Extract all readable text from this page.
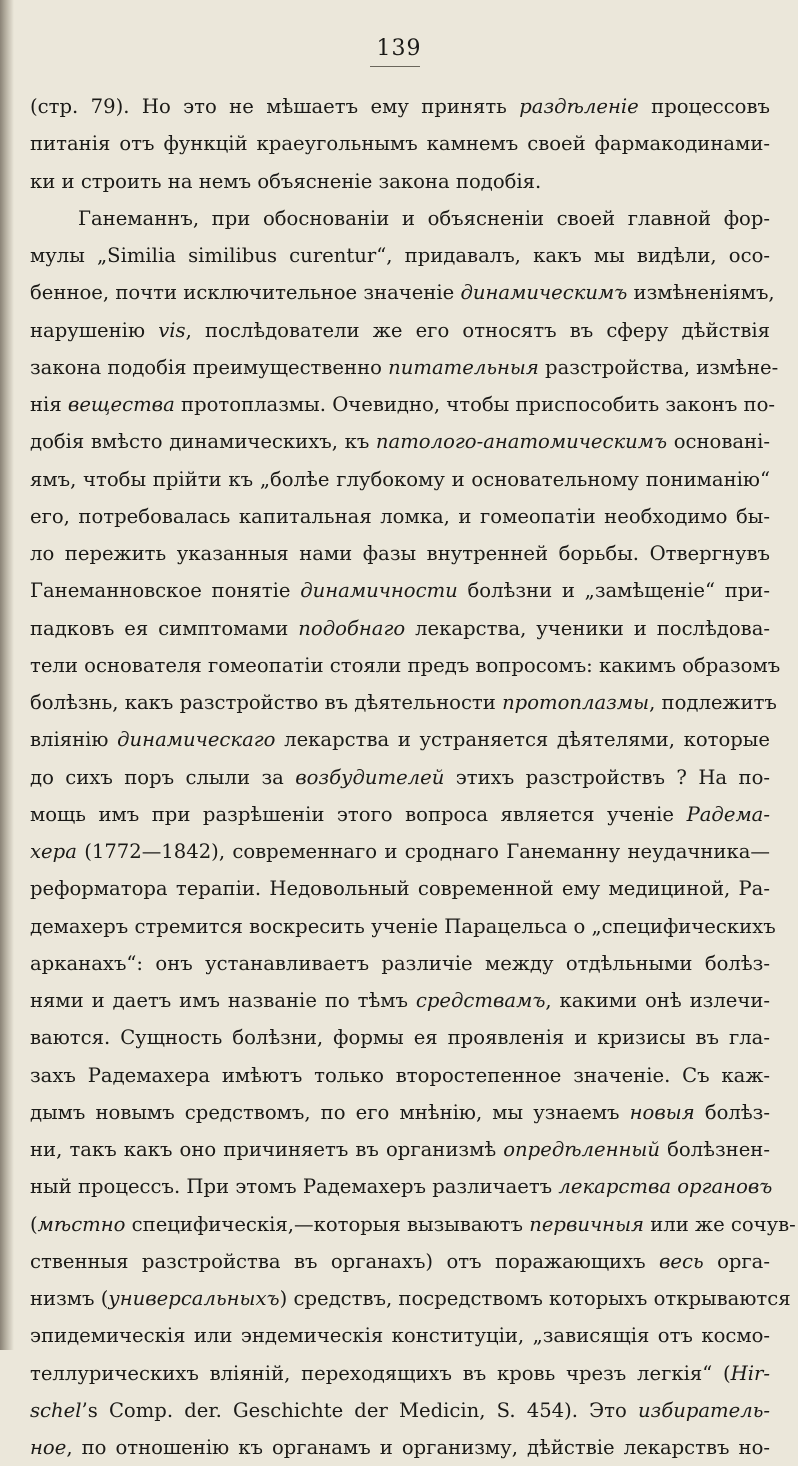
139
(стр. 79). Но это не мѣшаетъ ему принять раздѣленіе процессовъ
питанія отъ функцій краеугольнымъ камнемъ своей фармакодинами-
ки и строить на немъ объясненіе закона подобія.
Ганеманнъ, при обоснованіи и объясненіи своей главной фор-
мулы „Similia similibus curentur“, придавалъ, какъ мы видѣли, осо-
бенное, почти исключительное значеніе динамическимъ измѣненіямъ,
нарушенію vis, послѣдователи же его относятъ въ сферу дѣйствія
закона подобія преимущественно питательныя разстройства, измѣне-
нія вещества протоплазмы. Очевидно, чтобы приспособить законъ по-
добія вмѣсто динамическихъ, къ патолого-анатомическимъ основані-
ямъ, чтобы прійти къ „болѣе глубокому и основательному пониманію“
его, потребовалась капитальная ломка, и гомеопатіи необходимо бы-
ло пережить указанныя нами фазы внутренней борьбы. Отвергнувъ
Ганеманновское понятіе динамичности болѣзни и „замѣщеніе“ при-
падковъ ея симптомами подобнаго лекарства, ученики и послѣдова-
тели основателя гомеопатіи стояли предъ вопросомъ: какимъ образомъ
болѣзнь, какъ разстройство въ дѣятельности протоплазмы, подлежитъ
вліянію динамическаго лекарства и устраняется дѣятелями, которые
до сихъ поръ слыли за возбудителей этихъ разстройствъ ? На по-
мощь имъ при разрѣшеніи этого вопроса является ученіе Радема-
хера (1772—1842), современнаго и сроднаго Ганеманну неудачника—
реформатора терапіи. Недовольный современной ему медициной, Ра-
демахеръ стремится воскресить ученіе Парацельса о „специфическихъ
арканахъ“: онъ устанавливаетъ различіе между отдѣльными болѣз-
нями и даетъ имъ названіе по тѣмъ средствамъ, какими онѣ излечи-
ваются. Сущность болѣзни, формы ея проявленія и кризисы въ гла-
захъ Радемахера имѣютъ только второстепенное значеніе. Съ каж-
дымъ новымъ средствомъ, по его мнѣнію, мы узнаемъ новыя болѣз-
ни, такъ какъ оно причиняетъ въ организмѣ опредѣленный болѣзнен-
ный процессъ. При этомъ Радемахеръ различаетъ лекарства органовъ
(мѣстно специфическія,—которыя вызываютъ первичныя или же сочув-
ственныя разстройства въ органахъ) отъ поражающихъ весь орга-
низмъ (универсальныхъ) средствъ, посредствомъ которыхъ открываются
эпидемическія или эндемическія конституціи, „зависящія отъ космо-
теллурическихъ вліяній, переходящихъ въ кровь чрезъ легкія“ (Hir-
schel’s Comp. der. Geschichte der Medicin, S. 454). Это избиратель-
ное, по отношенію къ органамъ и организму, дѣйствіе лекарствъ но-
